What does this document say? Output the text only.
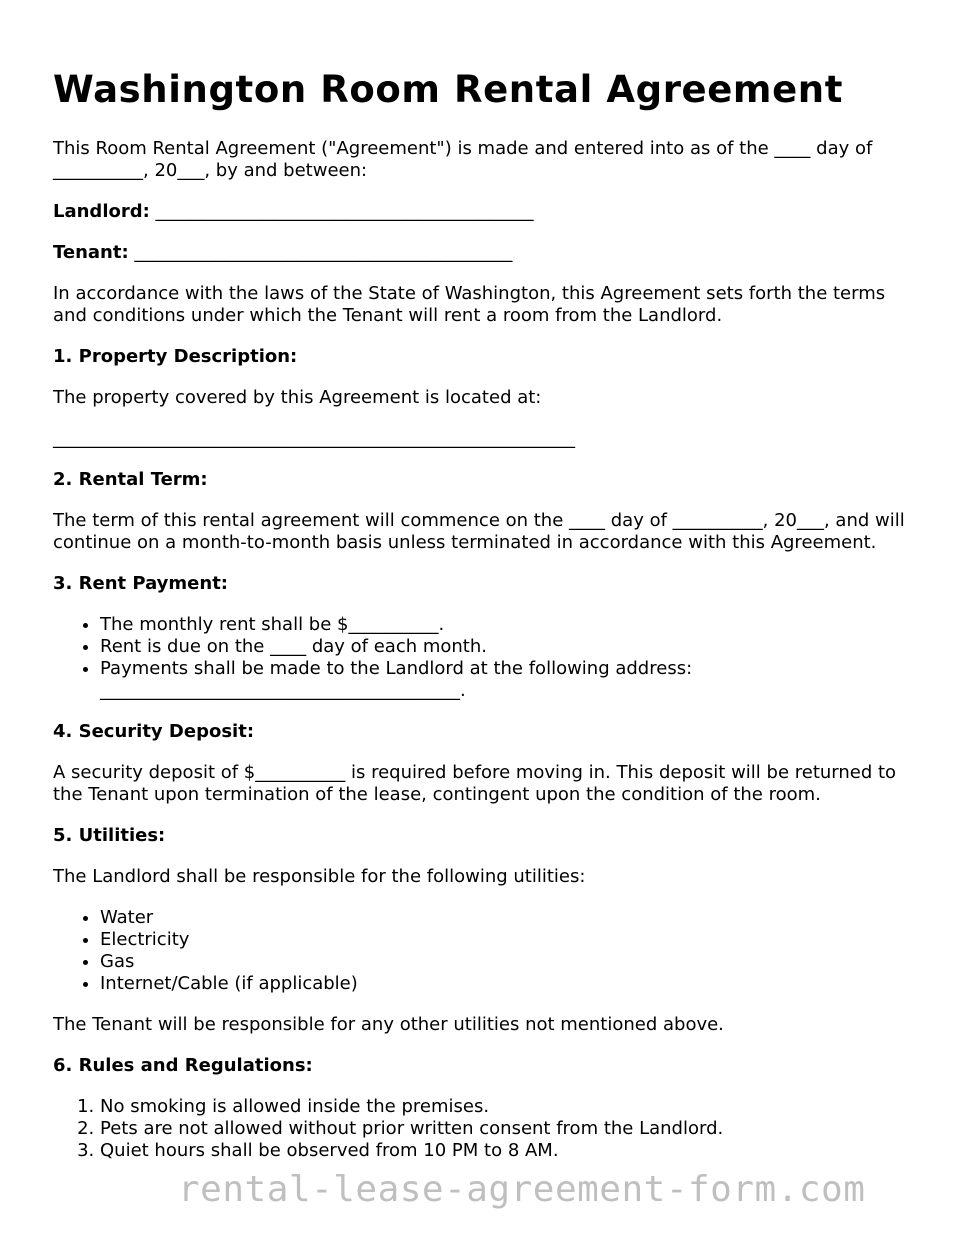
Washington Room Rental Agreement

This Room Rental Agreement ("Agreement") is made and entered into as of the ____ day of __________, 20___, by and between:

Landlord: __________________________________________

Tenant: __________________________________________

In accordance with the laws of the State of Washington, this Agreement sets forth the terms and conditions under which the Tenant will rent a room from the Landlord.

1. Property Description:

The property covered by this Agreement is located at:

__________________________________________________________

2. Rental Term:

The term of this rental agreement will commence on the ____ day of __________, 20___, and will continue on a month-to-month basis unless terminated in accordance with this Agreement.

3. Rent Payment:

• The monthly rent shall be $__________.
• Rent is due on the ____ day of each month.
• Payments shall be made to the Landlord at the following address: ________________________________________.

4. Security Deposit:

A security deposit of $__________ is required before moving in. This deposit will be returned to the Tenant upon termination of the lease, contingent upon the condition of the room.

5. Utilities:

The Landlord shall be responsible for the following utilities:

• Water
• Electricity
• Gas
• Internet/Cable (if applicable)

The Tenant will be responsible for any other utilities not mentioned above.

6. Rules and Regulations:

1. No smoking is allowed inside the premises.
2. Pets are not allowed without prior written consent from the Landlord.
3. Quiet hours shall be observed from 10 PM to 8 AM.
rental-lease-agreement-form.com
